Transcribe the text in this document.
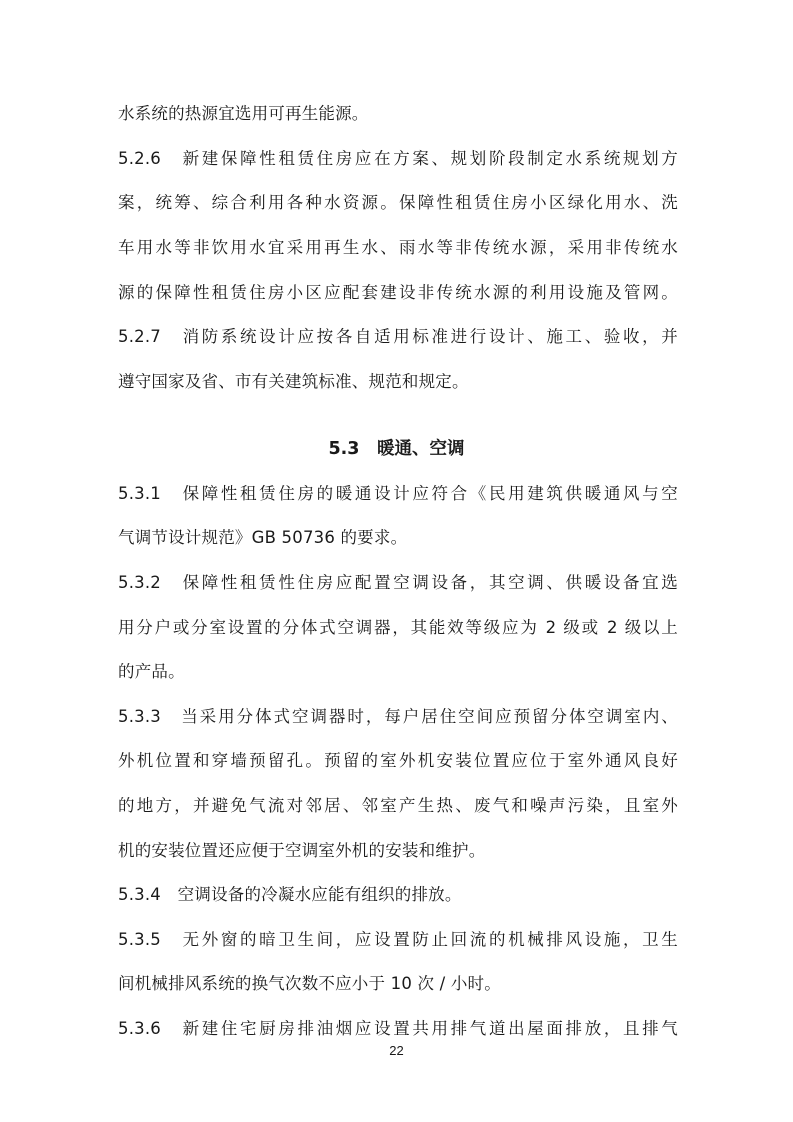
水系统的热源宜选用可再生能源。
5.2.6　新建保障性租赁住房应在方案、规划阶段制定水系统规划方
案，统筹、综合利用各种水资源。保障性租赁住房小区绿化用水、洗
车用水等非饮用水宜采用再生水、雨水等非传统水源，采用非传统水
源的保障性租赁住房小区应配套建设非传统水源的利用设施及管网。
5.2.7　消防系统设计应按各自适用标准进行设计、施工、验收，并
遵守国家及省、市有关建筑标准、规范和规定。
5.3　暖通、空调
5.3.1　保障性租赁住房的暖通设计应符合《民用建筑供暖通风与空
气调节设计规范》GB 50736 的要求。
5.3.2　保障性租赁性住房应配置空调设备，其空调、供暖设备宜选
用分户或分室设置的分体式空调器，其能效等级应为 2 级或 2 级以上
的产品。
5.3.3　当采用分体式空调器时，每户居住空间应预留分体空调室内、
外机位置和穿墙预留孔。预留的室外机安装位置应位于室外通风良好
的地方，并避免气流对邻居、邻室产生热、废气和噪声污染，且室外
机的安装位置还应便于空调室外机的安装和维护。
5.3.4　空调设备的冷凝水应能有组织的排放。
5.3.5　无外窗的暗卫生间，应设置防止回流的机械排风设施，卫生
间机械排风系统的换气次数不应小于 10 次 / 小时。
5.3.6　新建住宅厨房排油烟应设置共用排气道出屋面排放，且排气
22
